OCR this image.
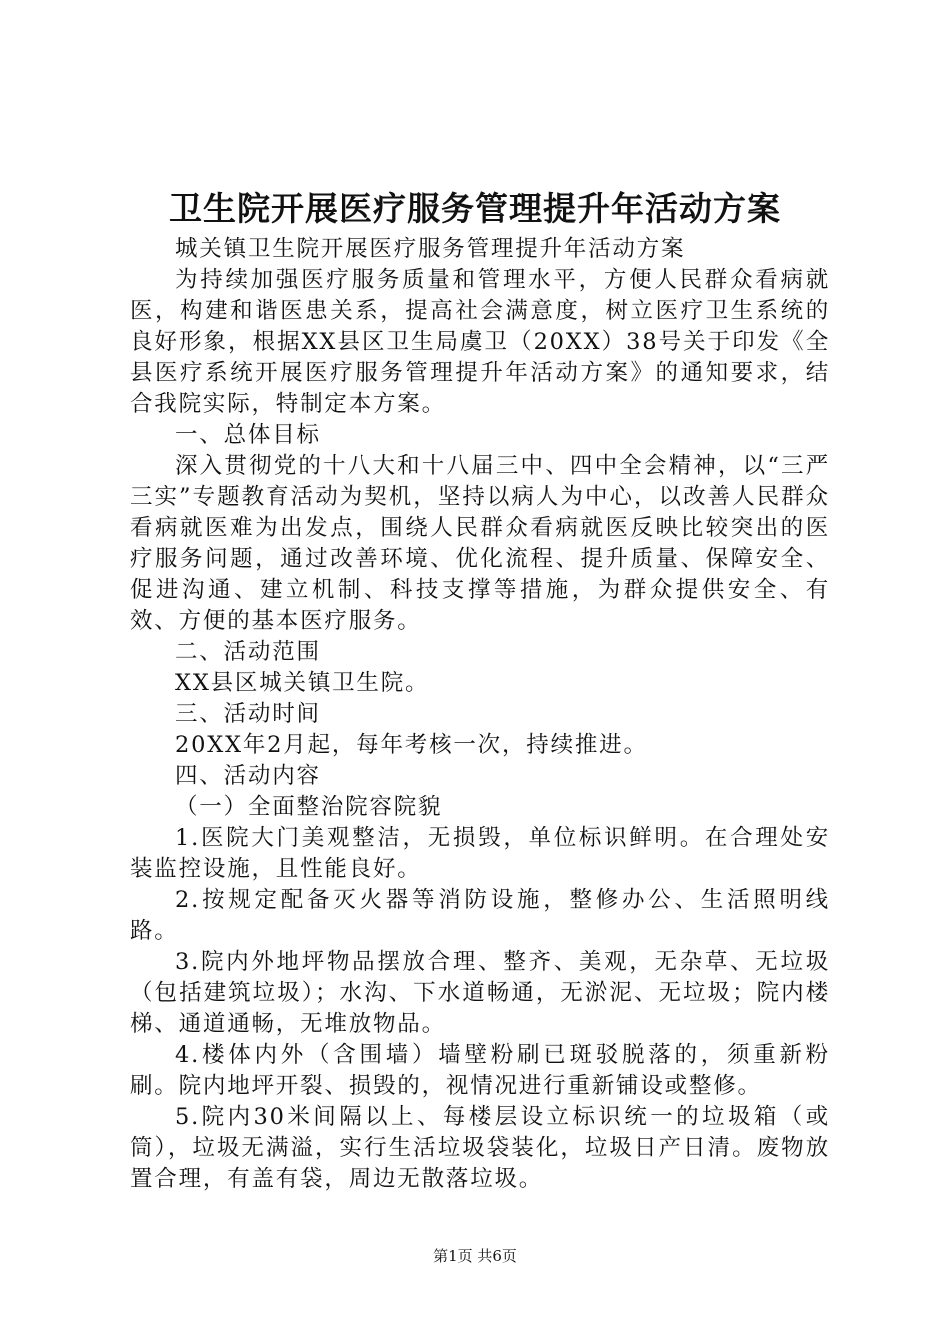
卫生院开展医疗服务管理提升年活动方案

城关镇卫生院开展医疗服务管理提升年活动方案

为持续加强医疗服务质量和管理水平，方便人民群众看病就医，构建和谐医患关系，提高社会满意度，树立医疗卫生系统的良好形象，根据XX县区卫生局虞卫（20XX）38号关于印发《全县医疗系统开展医疗服务管理提升年活动方案》的通知要求，结合我院实际，特制定本方案。

一、总体目标

深入贯彻党的十八大和十八届三中、四中全会精神，以“三严三实”专题教育活动为契机，坚持以病人为中心，以改善人民群众看病就医难为出发点，围绕人民群众看病就医反映比较突出的医疗服务问题，通过改善环境、优化流程、提升质量、保障安全、促进沟通、建立机制、科技支撑等措施，为群众提供安全、有效、方便的基本医疗服务。

二、活动范围

XX县区城关镇卫生院。

三、活动时间

20XX年2月起，每年考核一次，持续推进。

四、活动内容

（一）全面整治院容院貌

1.医院大门美观整洁，无损毁，单位标识鲜明。在合理处安装监控设施，且性能良好。

2.按规定配备灭火器等消防设施，整修办公、生活照明线路。

3.院内外地坪物品摆放合理、整齐、美观，无杂草、无垃圾（包括建筑垃圾）；水沟、下水道畅通，无淤泥、无垃圾；院内楼梯、通道通畅，无堆放物品。

4.楼体内外（含围墙）墙壁粉刷已斑驳脱落的，须重新粉刷。院内地坪开裂、损毁的，视情况进行重新铺设或整修。

5.院内30米间隔以上、每楼层设立标识统一的垃圾箱（或筒），垃圾无满溢，实行生活垃圾袋装化，垃圾日产日清。废物放置合理，有盖有袋，周边无散落垃圾。

第1页 共6页
